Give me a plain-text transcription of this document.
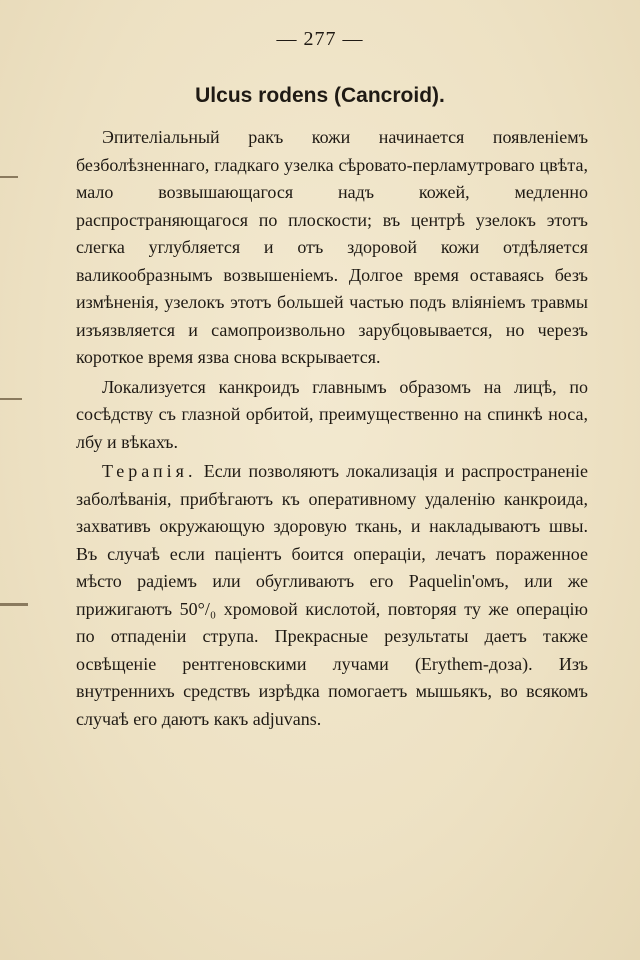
— 277 —
Ulcus rodens (Cancroid).

Эпителіальный ракъ кожи начинается появленіемъ безболѣзненнаго, гладкаго узелка сѣровато-перламутроваго цвѣта, мало возвышающагося надъ кожей, медленно распространяющагося по плоскости; въ центрѣ узелокъ этотъ слегка углубляется и отъ здоровой кожи отдѣляется валикообразнымъ возвышеніемъ. Долгое время оставаясь безъ измѣненія, узелокъ этотъ большей частью подъ вліяніемъ травмы изъязвляется и самопроизвольно зарубцовывается, но черезъ короткое время язва снова вскрывается.

Локализуется канкроидъ главнымъ образомъ на лицѣ, по сосѣдству съ глазной орбитой, преимущественно на спинкѣ носа, лбу и вѣкахъ.

Терапія. Если позволяютъ локализація и распространеніе заболѣванія, прибѣгаютъ къ оперативному удаленію канкроида, захвативъ окружающую здоровую ткань, и накладываютъ швы. Въ случаѣ если паціентъ боится операціи, лечатъ пораженное мѣсто радіемъ или обугливаютъ его Paquelin'омъ, или же прижигаютъ 50°/₀ хромовой кислотой, повторяя ту же операцію по отпаденіи струпа. Прекрасные результаты даетъ также освѣщеніе рентгеновскими лучами (Erythem-доза). Изъ внутреннихъ средствъ изрѣдка помогаетъ мышьякъ, во всякомъ случаѣ его даютъ какъ adjuvans.
